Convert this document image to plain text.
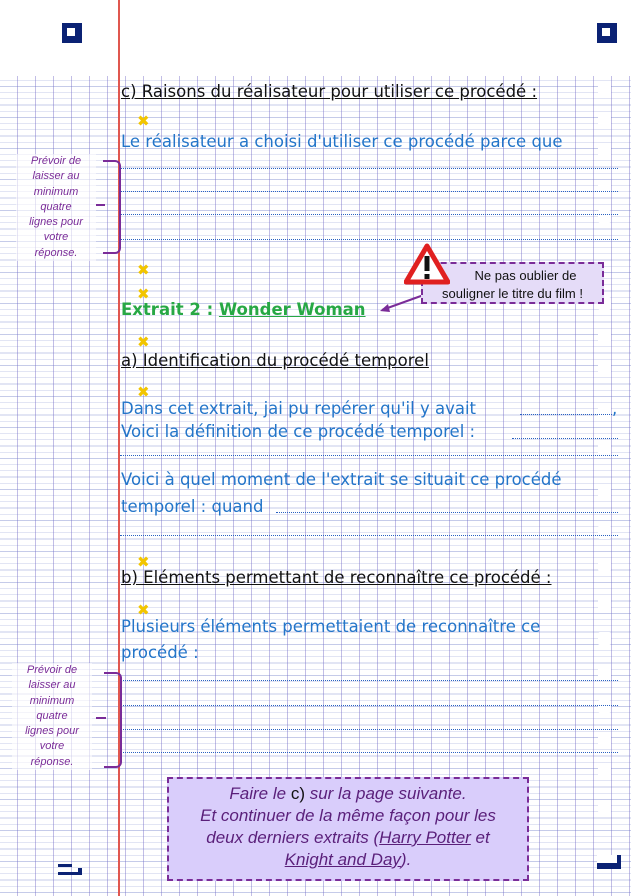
c) Raisons du réalisateur pour utiliser ce procédé :
✖
Le réalisateur a choisi d'utiliser ce procédé parce que
Prévoir de
laisser au
minimum
quatre
lignes pour
votre
réponse.
✖
✖
Extrait 2 : Wonder Woman
Ne pas oublier de
souligner le titre du film !
✖
a) Identification du procédé temporel
✖
Dans cet extrait, jai pu repérer qu'il y avait	,
Voici la définition de ce procédé temporel :
Voici à quel moment de l'extrait se situait ce procédé
temporel : quand
✖
b) Eléments permettant de reconnaître ce procédé :
✖
Plusieurs éléments permettaient de reconnaître ce
procédé :
Prévoir de
laisser au
minimum
quatre
lignes pour
votre
réponse.
Faire le c) sur la page suivante.
Et continuer de la même façon pour les
deux derniers extraits (Harry Potter et
Knight and Day).
